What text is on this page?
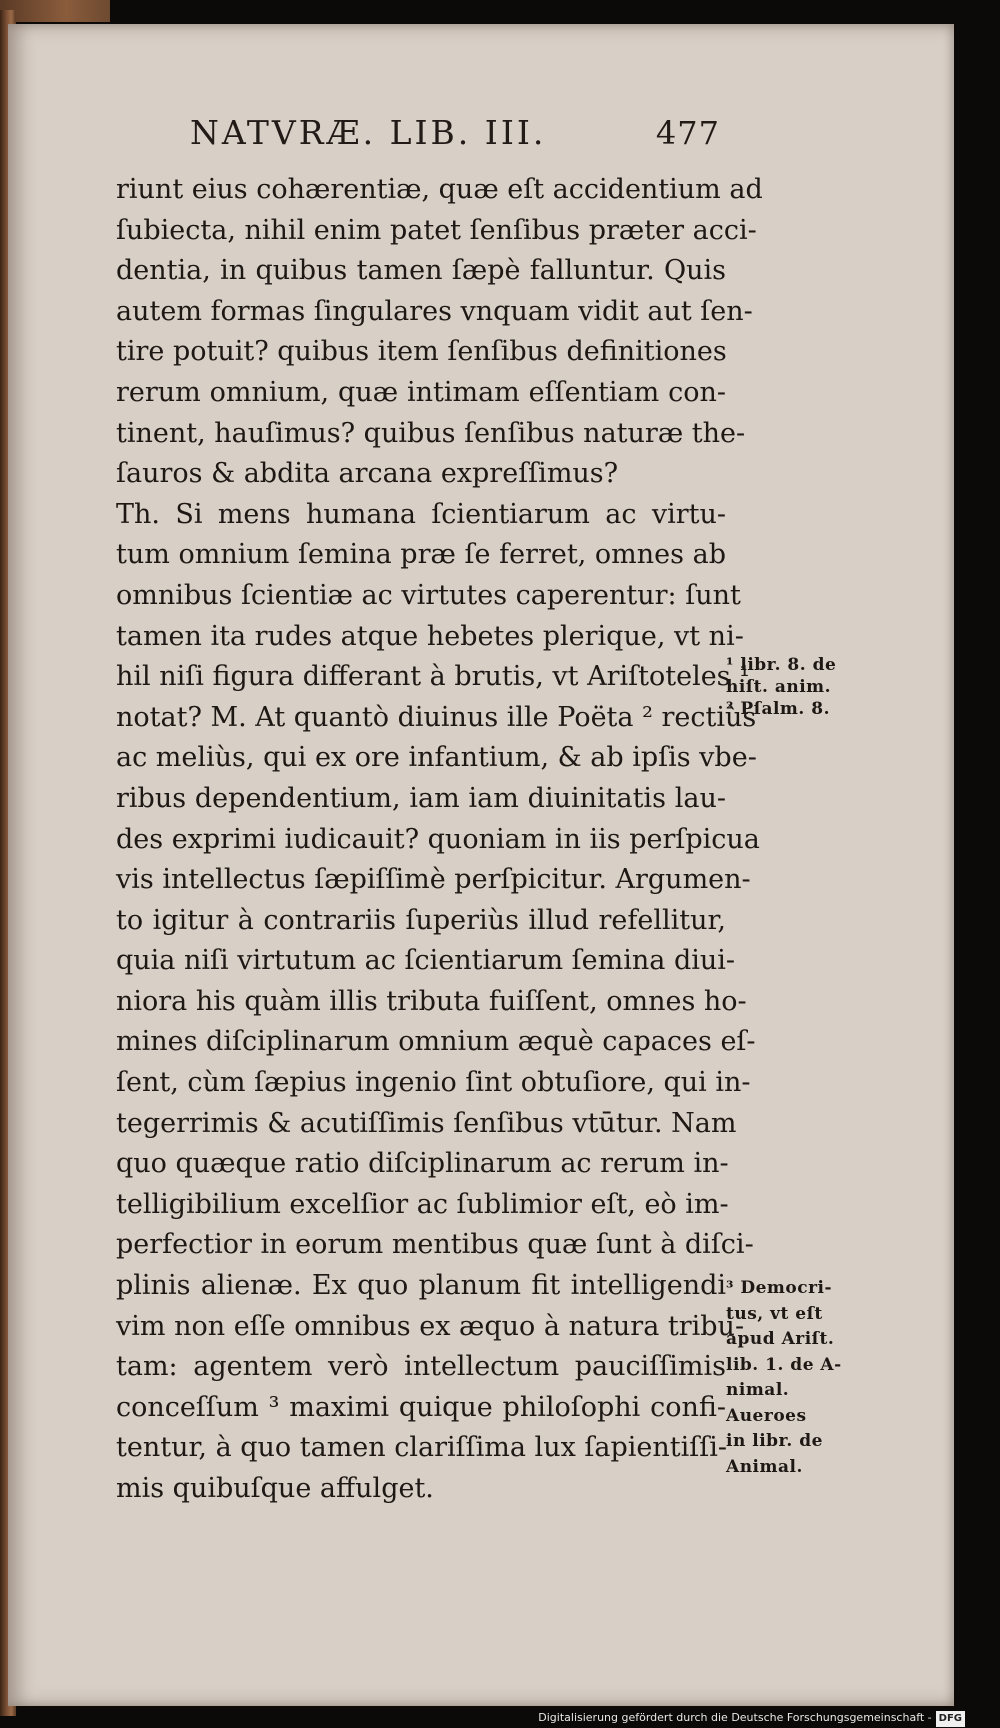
NATVRÆ. LIB. III.	477
riunt eius cohærentiæ, quæ eſt accidentium ad
ſubiecta, nihil enim patet ſenſibus præter acci-
dentia, in quibus tamen ſæpè falluntur. Quis
autem formas ſingulares vnquam vidit aut ſen-
tire potuit? quibus item ſenſibus definitiones
rerum omnium, quæ intimam eſſentiam con-
tinent, hauſimus? quibus ſenſibus naturæ the-
ſauros & abdita arcana expreſſimus?
Th. Si mens humana ſcientiarum ac virtu-
tum omnium ſemina præ ſe ferret, omnes ab
omnibus ſcientiæ ac virtutes caperentur: ſunt
tamen ita rudes atque hebetes plerique, vt ni-
hil niſi figura differant à brutis, vt Ariſtoteles ¹
notat? M. At quantò diuinus ille Poëta ² rectiùs
ac meliùs, qui ex ore infantium, & ab ipſis vbe-
ribus dependentium, iam iam diuinitatis lau-
des exprimi iudicauit? quoniam in iis perſpicua
vis intellectus ſæpiſſimè perſpicitur. Argumen-
to igitur à contrariis ſuperiùs illud refellitur,
quia niſi virtutum ac ſcientiarum ſemina diui-
niora his quàm illis tributa fuiſſent, omnes ho-
mines diſciplinarum omnium æquè capaces eſ-
ſent, cùm ſæpius ingenio ſint obtuſiore, qui in-
tegerrimis & acutiſſimis ſenſibus vtūtur. Nam
quo quæque ratio diſciplinarum ac rerum in-
telligibilium excelſior ac ſublimior eſt, eò im-
perfectior in eorum mentibus quæ ſunt à diſci-
plinis alienæ. Ex quo planum fit intelligendi
vim non eſſe omnibus ex æquo à natura tribu-
tam: agentem verò intellectum pauciſſimis
conceſſum ³ maximi quique philoſophi confi-
tentur, à quo tamen clariſſima lux ſapientiſſi-
mis quibuſque affulget.
¹ libr. 8. de
hiſt. anim.
² Pſalm. 8.
³ Democri-
tus, vt eſt
apud Ariſt.
lib. 1. de A-
nimal.
Aueroes
in libr. de
Animal.
Digitalisierung gefördert durch die Deutsche Forschungsgemeinschaft - DFG
